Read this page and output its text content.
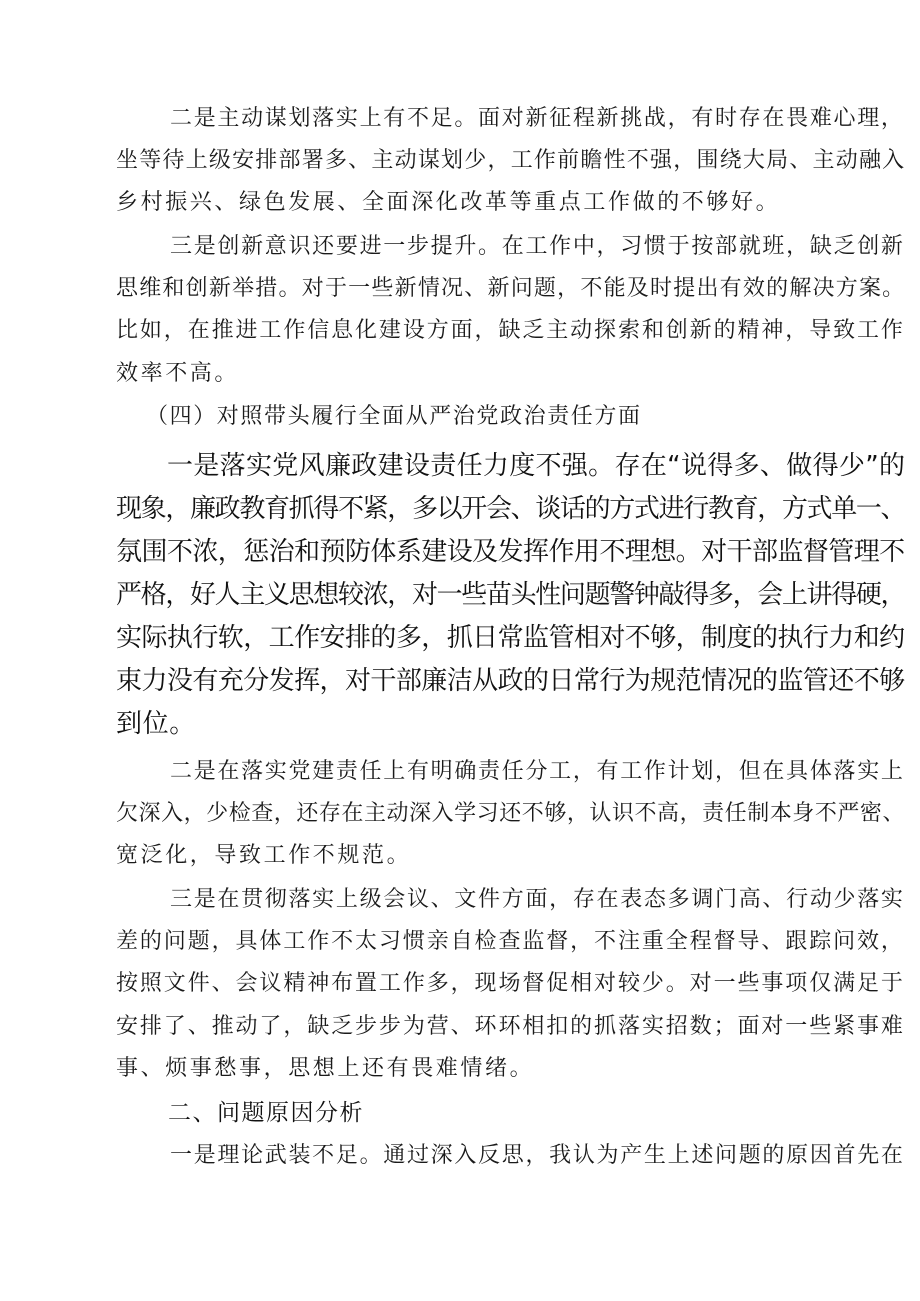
二是主动谋划落实上有不足。面对新征程新挑战，有时存在畏难心理，
坐等待上级安排部署多、主动谋划少，工作前瞻性不强，围绕大局、主动融入
乡村振兴、绿色发展、全面深化改革等重点工作做的不够好。
三是创新意识还要进一步提升。在工作中，习惯于按部就班，缺乏创新
思维和创新举措。对于一些新情况、新问题，不能及时提出有效的解决方案。
比如，在推进工作信息化建设方面，缺乏主动探索和创新的精神，导致工作
效率不高。
（四）对照带头履行全面从严治党政治责任方面
一是落实党风廉政建设责任力度不强。存在“说得多、做得少”的
现象，廉政教育抓得不紧，多以开会、谈话的方式进行教育，方式单一、
氛围不浓，惩治和预防体系建设及发挥作用不理想。对干部监督管理不
严格，好人主义思想较浓，对一些苗头性问题警钟敲得多，会上讲得硬，
实际执行软，工作安排的多，抓日常监管相对不够，制度的执行力和约
束力没有充分发挥，对干部廉洁从政的日常行为规范情况的监管还不够
到位。
二是在落实党建责任上有明确责任分工，有工作计划，但在具体落实上
欠深入，少检查，还存在主动深入学习还不够，认识不高，责任制本身不严密、
宽泛化，导致工作不规范。
三是在贯彻落实上级会议、文件方面，存在表态多调门高、行动少落实
差的问题，具体工作不太习惯亲自检查监督，不注重全程督导、跟踪问效，
按照文件、会议精神布置工作多，现场督促相对较少。对一些事项仅满足于
安排了、推动了，缺乏步步为营、环环相扣的抓落实招数；面对一些紧事难
事、烦事愁事，思想上还有畏难情绪。
二、问题原因分析
一是理论武装不足。通过深入反思，我认为产生上述问题的原因首先在
